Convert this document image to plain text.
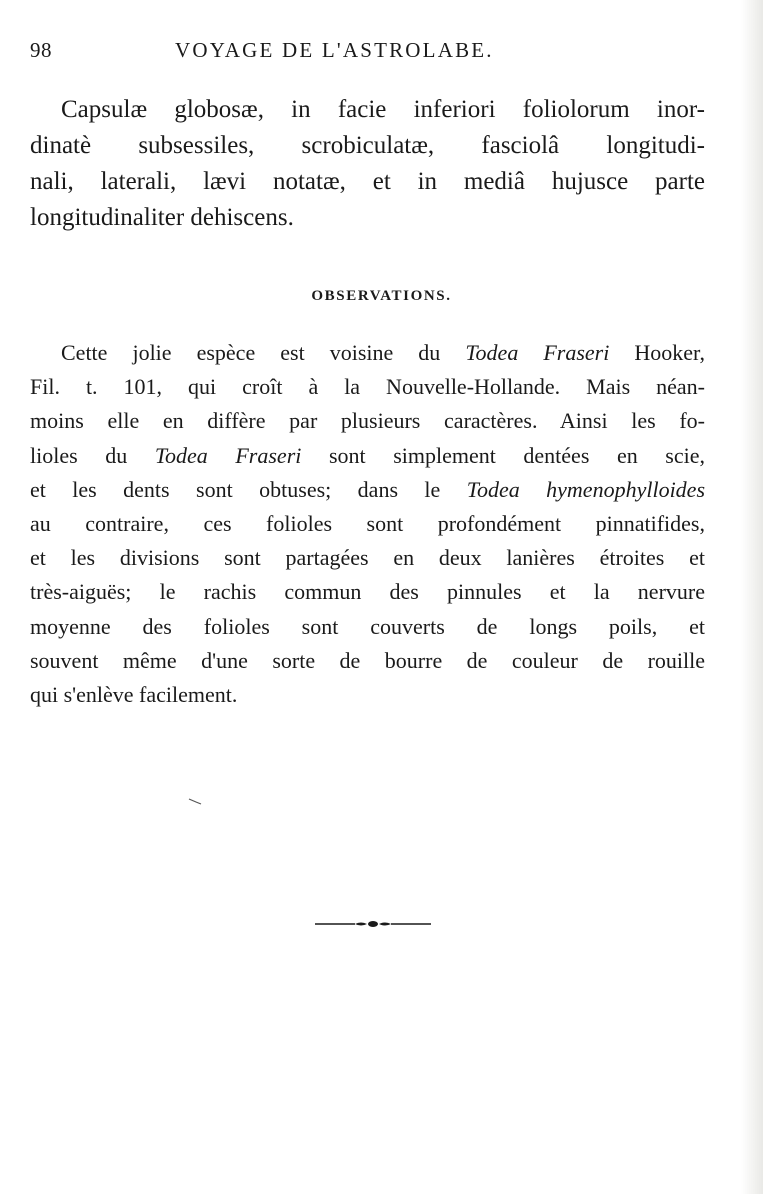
98	VOYAGE DE L'ASTROLABE.
Capsulæ globosæ, in facie inferiori foliolorum inor-
dinatè subsessiles, scrobiculatæ, fasciolâ longitudi-
nali, laterali, lævi notatæ, et in mediâ hujusce parte
longitudinaliter dehiscens.
OBSERVATIONS.
Cette jolie espèce est voisine du Todea Fraseri Hooker,
Fil. t. 101, qui croît à la Nouvelle-Hollande. Mais néan-
moins elle en diffère par plusieurs caractères. Ainsi les fo-
lioles du Todea Fraseri sont simplement dentées en scie,
et les dents sont obtuses; dans le Todea hymenophylloides
au contraire, ces folioles sont profondément pinnatifides,
et les divisions sont partagées en deux lanières étroites et
très-aiguës; le rachis commun des pinnules et la nervure
moyenne des folioles sont couverts de longs poils, et
souvent même d'une sorte de bourre de couleur de rouille
qui s'enlève facilement.
